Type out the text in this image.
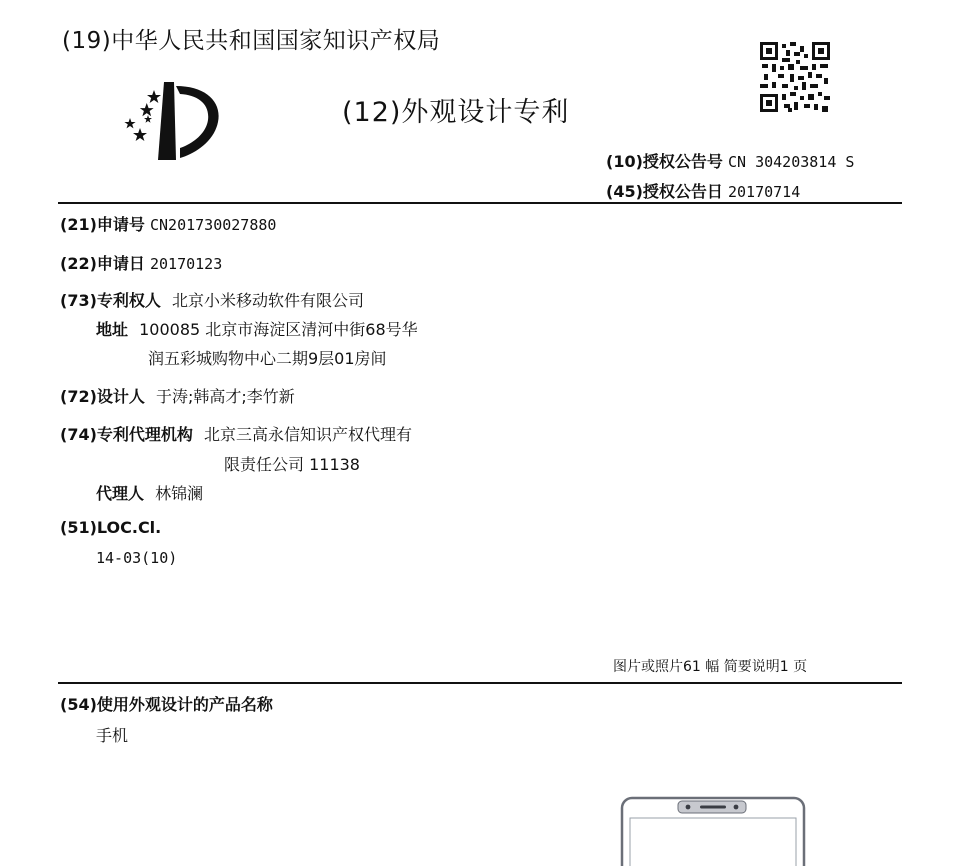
(19)中华人民共和国国家知识产权局
(12)外观设计专利
(10)授权公告号 CN 304203814 S
(45)授权公告日 20170714
(21)申请号 CN201730027880
(22)申请日 20170123
(73)专利权人 北京小米移动软件有限公司
地址 100085 北京市海淀区清河中街68号华
润五彩城购物中心二期9层01房间
(72)设计人 于涛;韩高才;李竹新
(74)专利代理机构 北京三高永信知识产权代理有
限责任公司 11138
代理人 林锦澜
(51)LOC.Cl.
14-03(10)
图片或照片61 幅 简要说明1 页
(54)使用外观设计的产品名称
手机
